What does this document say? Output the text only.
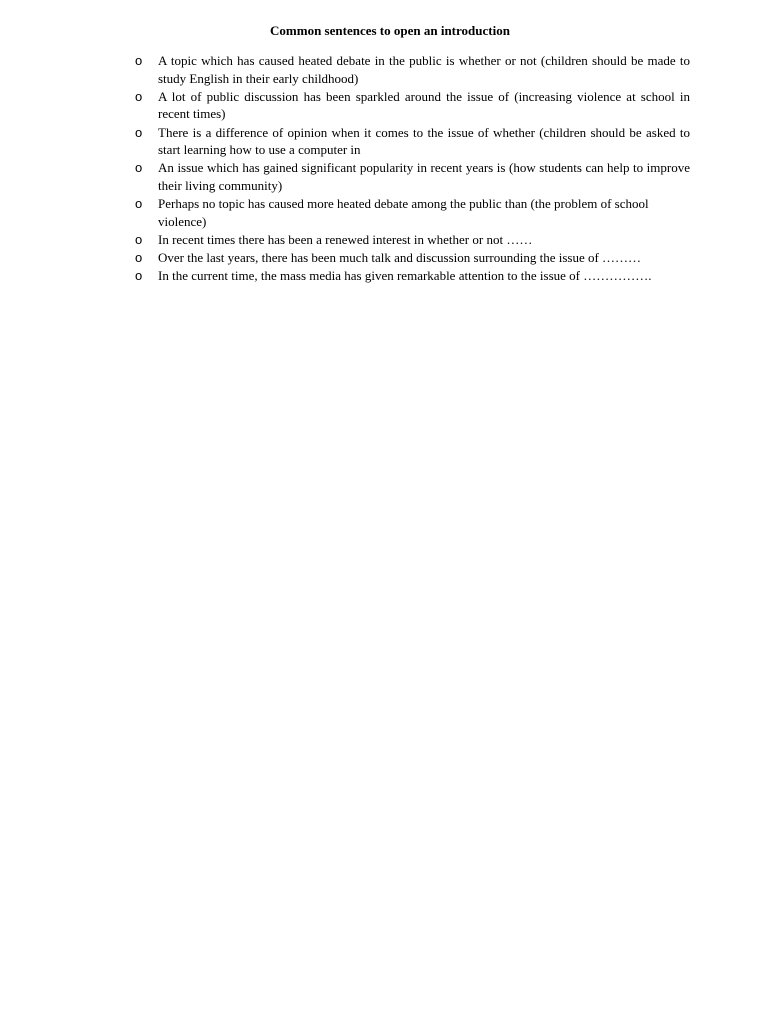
Common sentences to open an introduction
o A topic which has caused heated debate in the public is whether or not (children should be made to study English in their early childhood)
o A lot of public discussion has been sparkled around the issue of (increasing violence at school in recent times)
o There is a difference of opinion when it comes to the issue of whether (children should be asked to start learning how to use a computer in
o An issue which has gained significant popularity in recent years is (how students can help to improve their living community)
o Perhaps no topic has caused more heated debate among the public than (the problem of school violence)
o In recent times there has been a renewed interest in whether or not ……
o Over the last years, there has been much talk and discussion surrounding the issue of ………
o In the current time, the mass media has given remarkable attention to the issue of …………….
